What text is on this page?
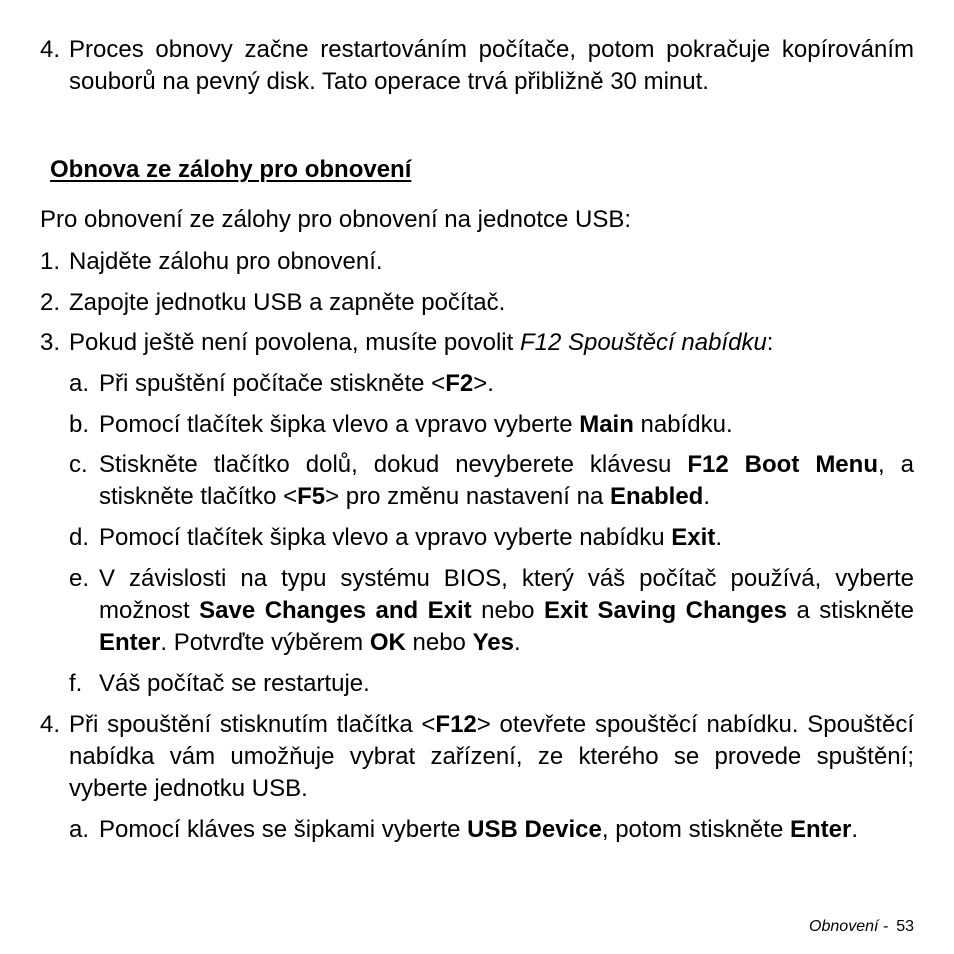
4. Proces obnovy začne restartováním počítače, potom pokračuje kopírováním souborů na pevný disk. Tato operace trvá přibližně 30 minut.
Obnova ze zálohy pro obnovení
Pro obnovení ze zálohy pro obnovení na jednotce USB:
1. Najděte zálohu pro obnovení.
2. Zapojte jednotku USB a zapněte počítač.
3. Pokud ještě není povolena, musíte povolit F12 Spouštěcí nabídku:
a. Při spuštění počítače stiskněte <F2>.
b. Pomocí tlačítek šipka vlevo a vpravo vyberte Main nabídku.
c. Stiskněte tlačítko dolů, dokud nevyberete klávesu F12 Boot Menu, a stiskněte tlačítko <F5> pro změnu nastavení na Enabled.
d. Pomocí tlačítek šipka vlevo a vpravo vyberte nabídku Exit.
e. V závislosti na typu systému BIOS, který váš počítač používá, vyberte možnost Save Changes and Exit nebo Exit Saving Changes a stiskněte Enter. Potvrďte výběrem OK nebo Yes.
f. Váš počítač se restartuje.
4. Při spouštění stisknutím tlačítka <F12> otevřete spouštěcí nabídku. Spouštěcí nabídka vám umožňuje vybrat zařízení, ze kterého se provede spuštění; vyberte jednotku USB.
a. Pomocí kláves se šipkami vyberte USB Device, potom stiskněte Enter.
Obnovení - 53
